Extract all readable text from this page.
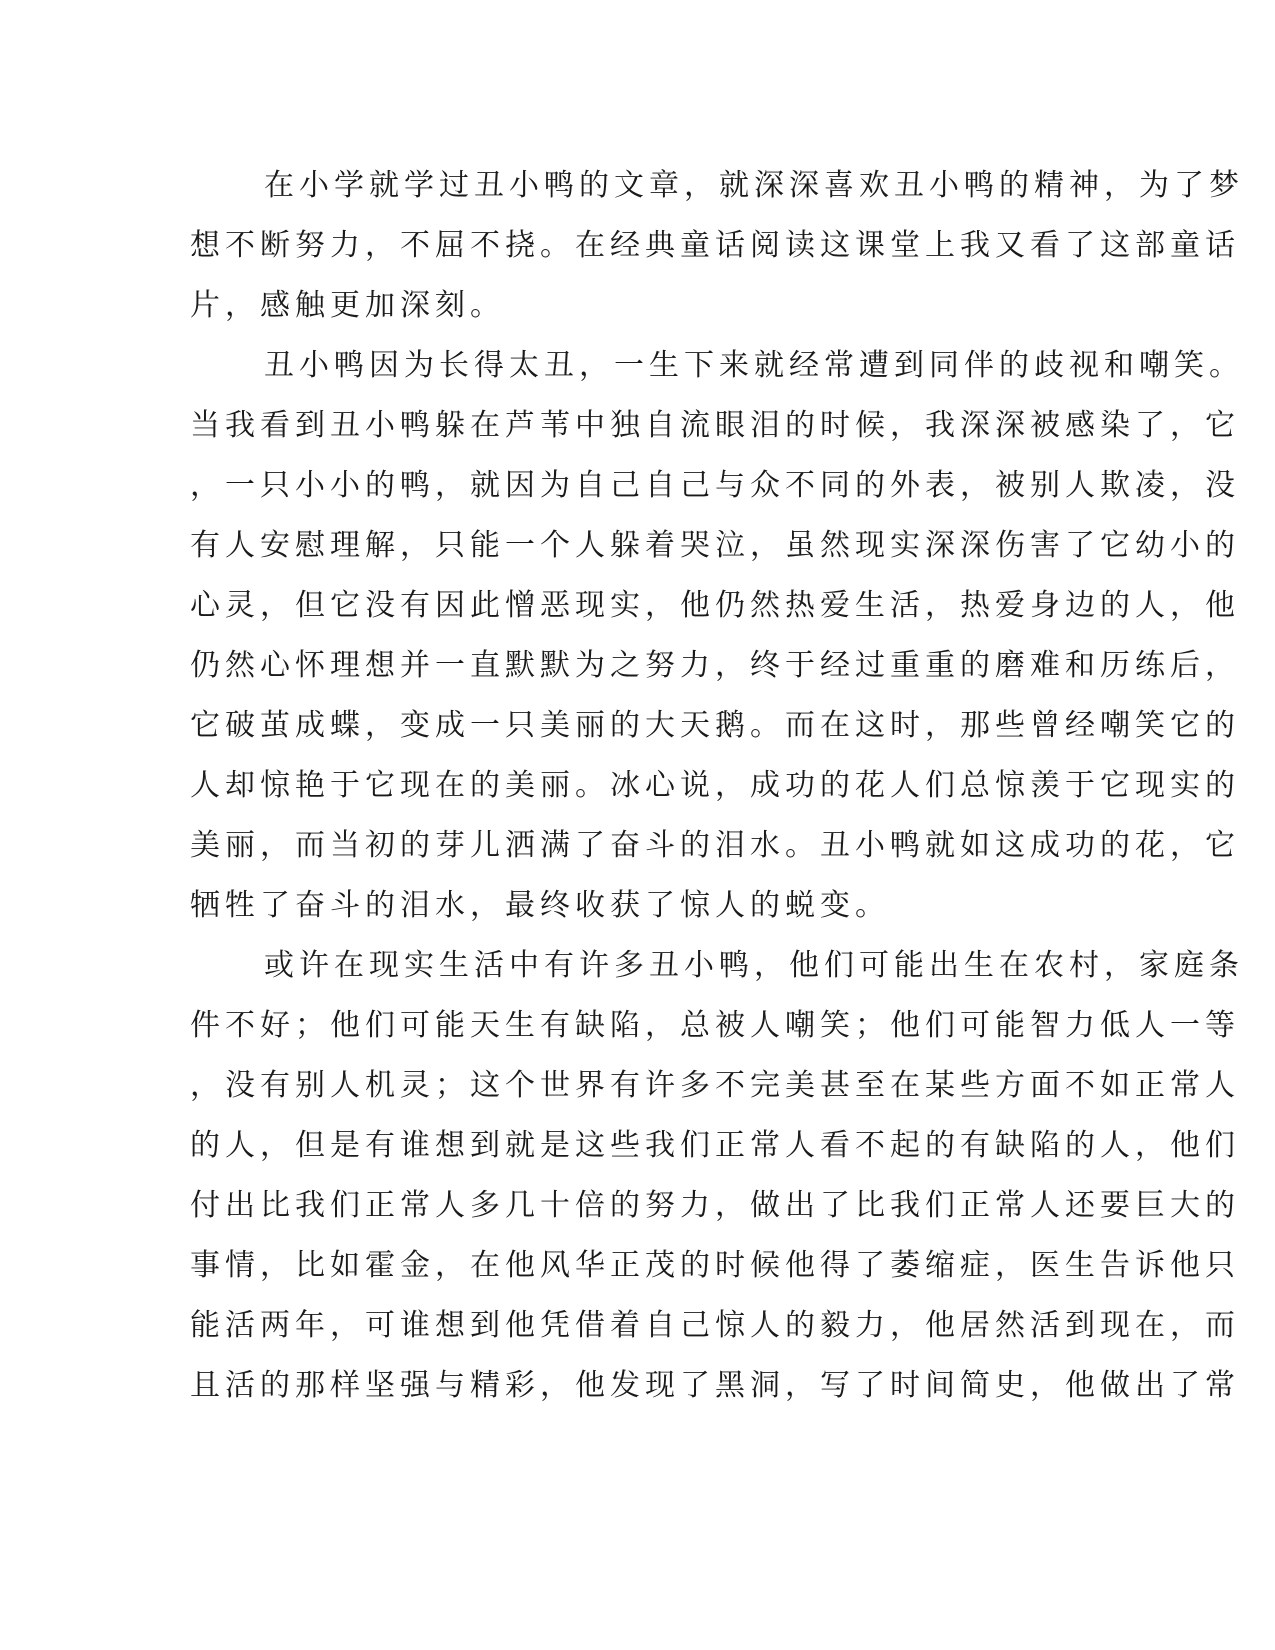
在小学就学过丑小鸭的文章，就深深喜欢丑小鸭的精神，为了梦
想不断努力，不屈不挠。在经典童话阅读这课堂上我又看了这部童话
片，感触更加深刻。
丑小鸭因为长得太丑，一生下来就经常遭到同伴的歧视和嘲笑。
当我看到丑小鸭躲在芦苇中独自流眼泪的时候，我深深被感染了，它
，一只小小的鸭，就因为自己自己与众不同的外表，被别人欺凌，没
有人安慰理解，只能一个人躲着哭泣，虽然现实深深伤害了它幼小的
心灵，但它没有因此憎恶现实，他仍然热爱生活，热爱身边的人，他
仍然心怀理想并一直默默为之努力，终于经过重重的磨难和历练后，
它破茧成蝶，变成一只美丽的大天鹅。而在这时，那些曾经嘲笑它的
人却惊艳于它现在的美丽。冰心说，成功的花人们总惊羡于它现实的
美丽，而当初的芽儿洒满了奋斗的泪水。丑小鸭就如这成功的花，它
牺牲了奋斗的泪水，最终收获了惊人的蜕变。
或许在现实生活中有许多丑小鸭，他们可能出生在农村，家庭条
件不好；他们可能天生有缺陷，总被人嘲笑；他们可能智力低人一等
，没有别人机灵；这个世界有许多不完美甚至在某些方面不如正常人
的人，但是有谁想到就是这些我们正常人看不起的有缺陷的人，他们
付出比我们正常人多几十倍的努力，做出了比我们正常人还要巨大的
事情，比如霍金，在他风华正茂的时候他得了萎缩症，医生告诉他只
能活两年，可谁想到他凭借着自己惊人的毅力，他居然活到现在，而
且活的那样坚强与精彩，他发现了黑洞，写了时间简史，他做出了常
